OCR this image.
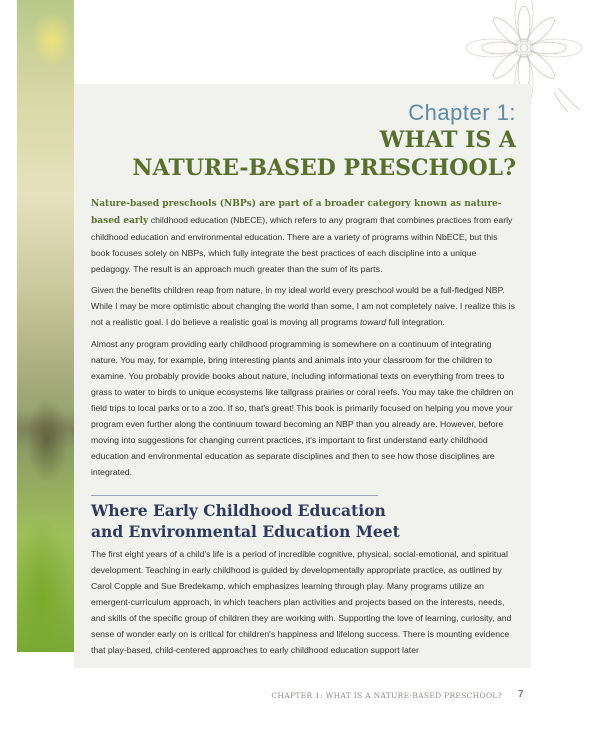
Chapter 1:
WHAT IS A
NATURE-BASED PRESCHOOL?

Nature-based preschools (NBPs) are part of a broader category known as nature-based early childhood education (NbECE), which refers to any program that combines practices from early childhood education and environmental education. There are a variety of programs within NbECE, but this book focuses solely on NBPs, which fully integrate the best practices of each discipline into a unique pedagogy. The result is an approach much greater than the sum of its parts.

Given the benefits children reap from nature, in my ideal world every preschool would be a full-fledged NBP. While I may be more optimistic about changing the world than some, I am not completely naive. I realize this is not a realistic goal. I do believe a realistic goal is moving all programs toward full integration.

Almost any program providing early childhood programming is somewhere on a continuum of integrating nature. You may, for example, bring interesting plants and animals into your classroom for the children to examine. You probably provide books about nature, including informational texts on everything from trees to grass to water to birds to unique ecosystems like tallgrass prairies or coral reefs. You may take the children on field trips to local parks or to a zoo. If so, that's great! This book is primarily focused on helping you move your program even further along the continuum toward becoming an NBP than you already are. However, before moving into suggestions for changing current practices, it's important to first understand early childhood education and environmental education as separate disciplines and then to see how those disciplines are integrated.

Where Early Childhood Education
and Environmental Education Meet

The first eight years of a child's life is a period of incredible cognitive, physical, social-emotional, and spiritual development. Teaching in early childhood is guided by developmentally appropriate practice, as outlined by Carol Copple and Sue Bredekamp, which emphasizes learning through play. Many programs utilize an emergent-curriculum approach, in which teachers plan activities and projects based on the interests, needs, and skills of the specific group of children they are working with. Supporting the love of learning, curiosity, and sense of wonder early on is critical for children's happiness and lifelong success. There is mounting evidence that play-based, child-centered approaches to early childhood education support later

CHAPTER 1: WHAT IS A NATURE-BASED PRESCHOOL? 7
